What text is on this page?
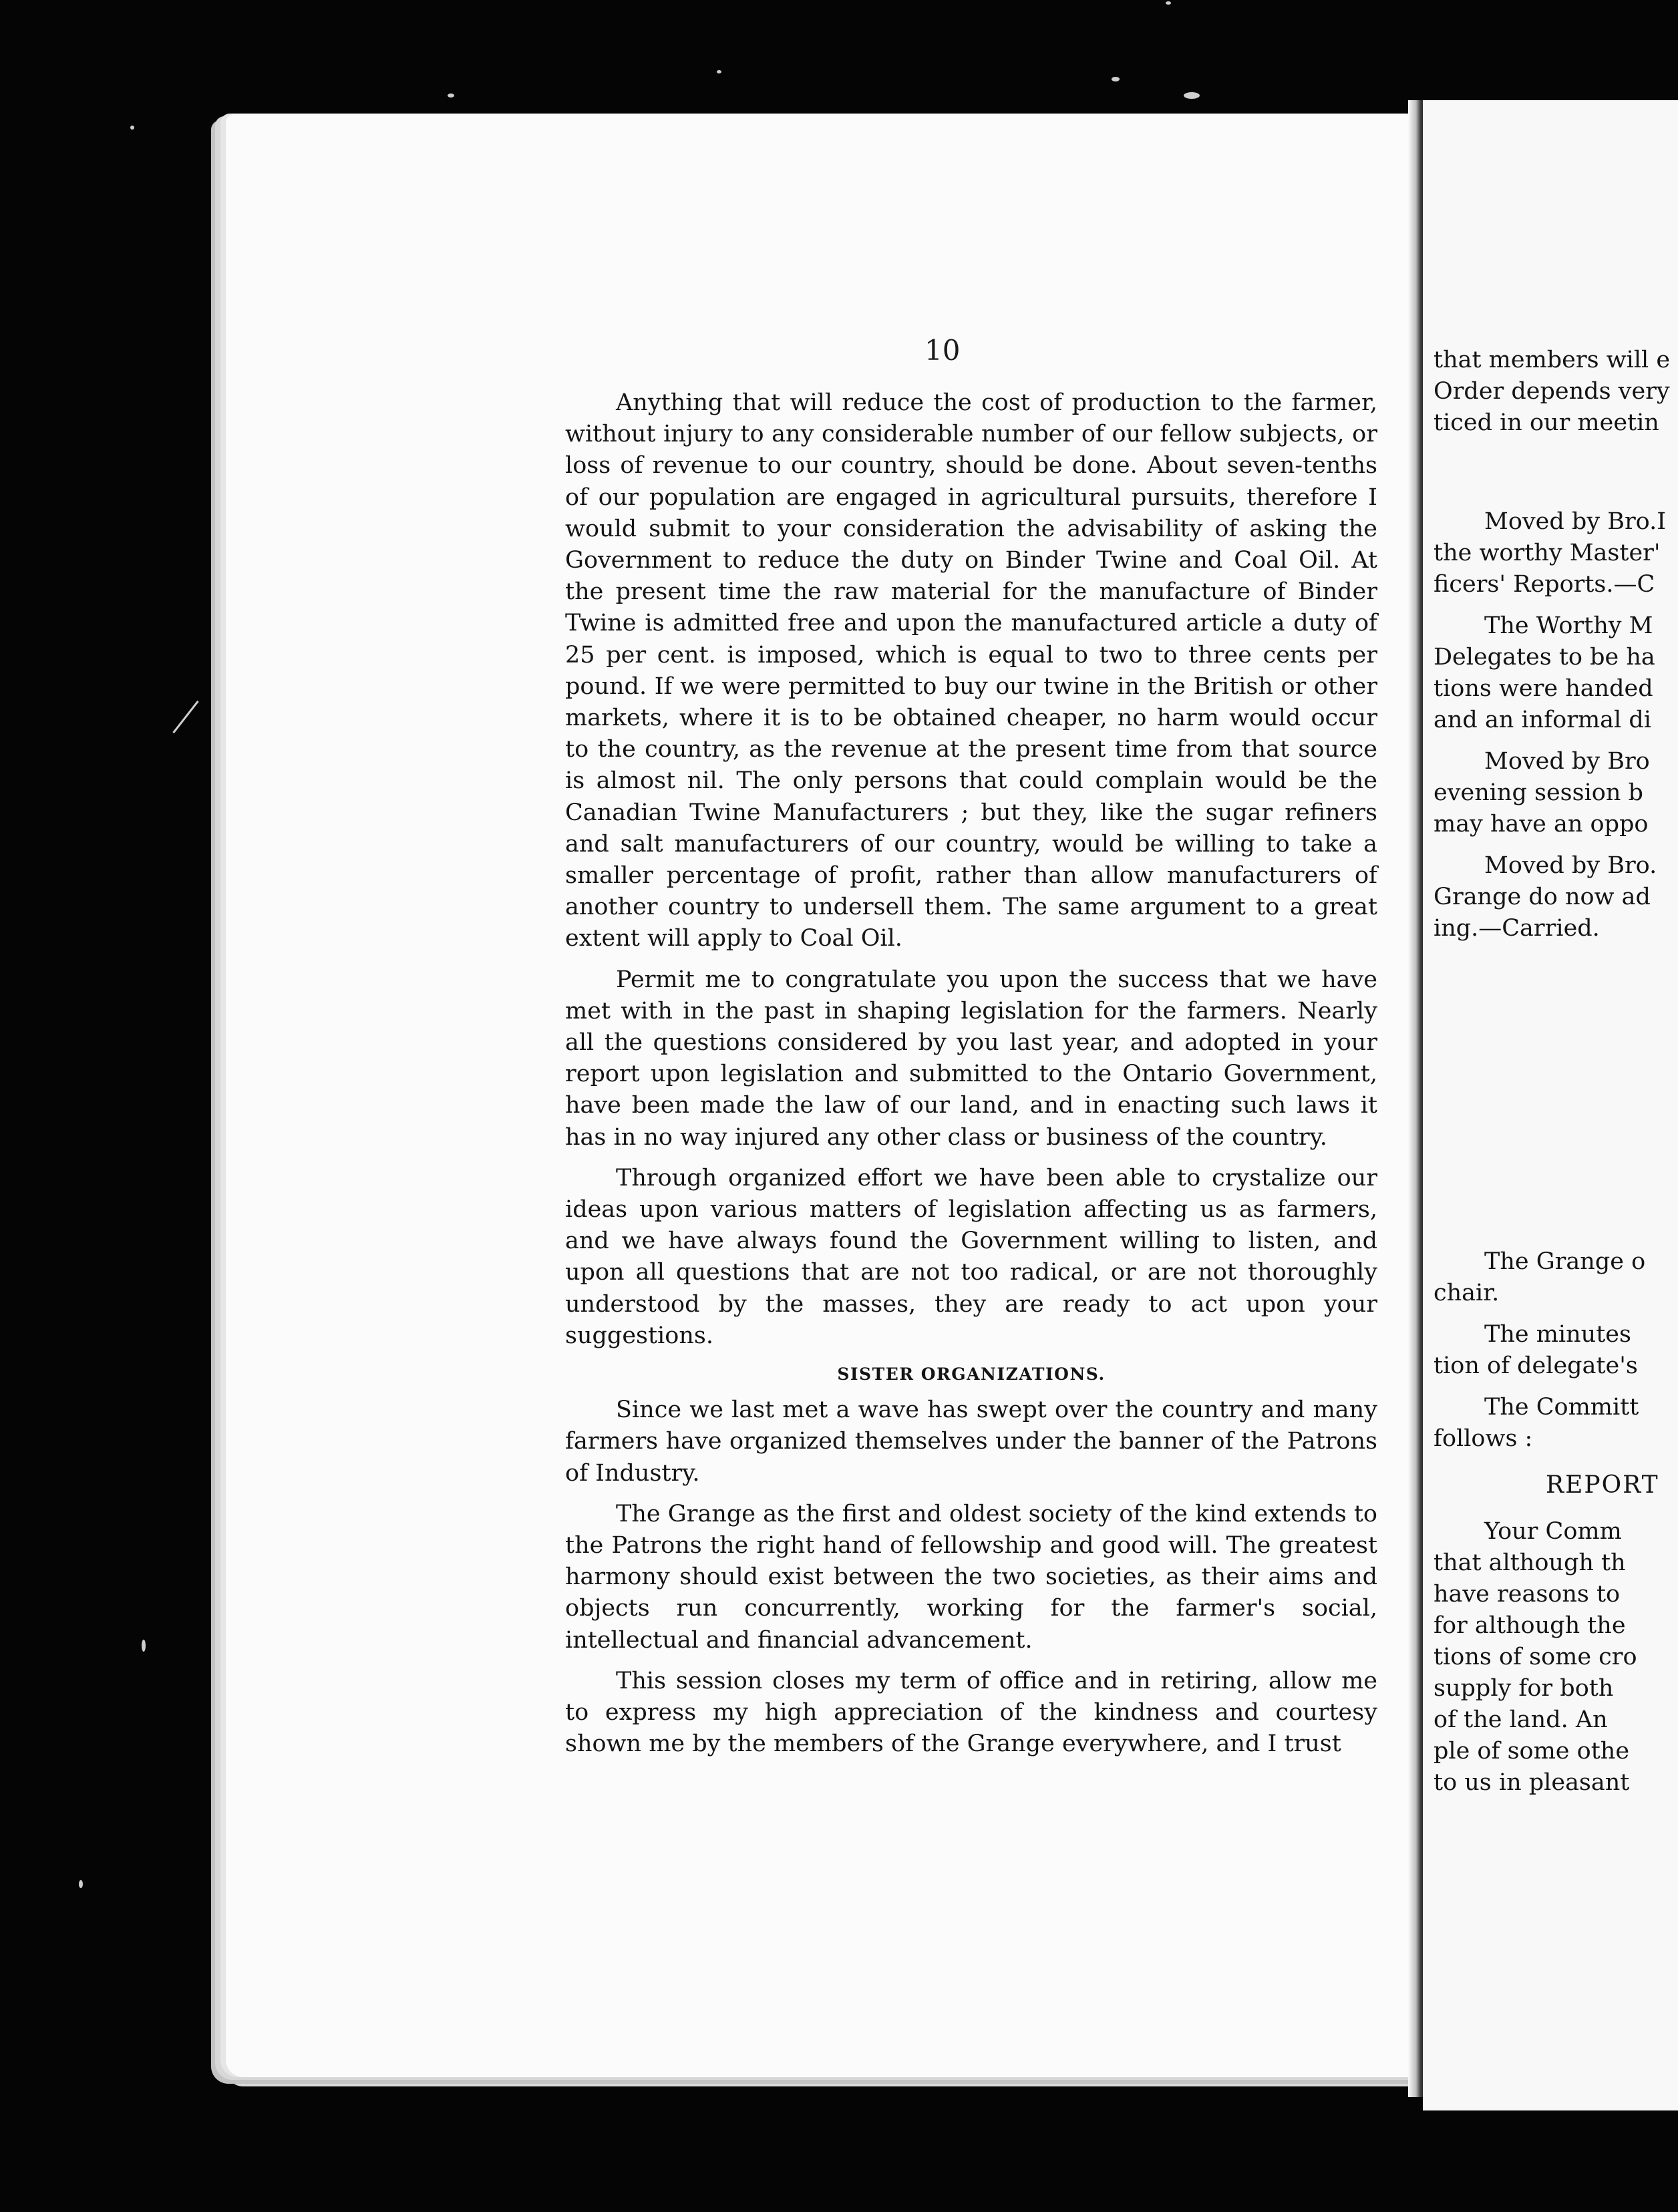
10

Anything that will reduce the cost of production to the farmer, without injury to any considerable number of our fellow subjects, or loss of revenue to our country, should be done. About seven-tenths of our population are engaged in agricultural pursuits, therefore I would submit to your consideration the advisability of asking the Government to reduce the duty on Binder Twine and Coal Oil. At the present time the raw material for the manufacture of Binder Twine is admitted free and upon the manufactured article a duty of 25 per cent. is imposed, which is equal to two to three cents per pound. If we were permitted to buy our twine in the British or other markets, where it is to be obtained cheaper, no harm would occur to the country, as the revenue at the present time from that source is almost nil. The only persons that could complain would be the Canadian Twine Manufacturers ; but they, like the sugar refiners and salt manufacturers of our country, would be willing to take a smaller percentage of profit, rather than allow manufacturers of another country to undersell them. The same argument to a great extent will apply to Coal Oil.

Permit me to congratulate you upon the success that we have met with in the past in shaping legislation for the farmers. Nearly all the questions considered by you last year, and adopted in your report upon legislation and submitted to the Ontario Government, have been made the law of our land, and in enacting such laws it has in no way injured any other class or business of the country.

Through organized effort we have been able to crystalize our ideas upon various matters of legislation affecting us as farmers, and we have always found the Government willing to listen, and upon all questions that are not too radical, or are not thoroughly understood by the masses, they are ready to act upon your suggestions.

SISTER ORGANIZATIONS.

Since we last met a wave has swept over the country and many farmers have organized themselves under the banner of the Patrons of Industry.

The Grange as the first and oldest society of the kind extends to the Patrons the right hand of fellowship and good will. The greatest harmony should exist between the two societies, as their aims and objects run concurrently, working for the farmer's social, intellectual and financial advancement.

This session closes my term of office and in retiring, allow me to express my high appreciation of the kindness and courtesy shown me by the members of the Grange everywhere, and I trust

that members will e
Order depends very
ticed in our meetin
Moved by Bro.I
the worthy Master'
ficers' Reports.—C
The Worthy M
Delegates to be ha
tions were handed
and an informal di
Moved by Bro
evening session b
may have an oppo
Moved by Bro.
Grange do now ad
ing.—Carried.
The Grange o
chair.
The minutes
tion of delegate's
The Committ
follows :
REPORT
Your Comm
that although th
have reasons to
for although the
tions of some cro
supply for both
of the land. An
ple of some othe
to us in pleasant
